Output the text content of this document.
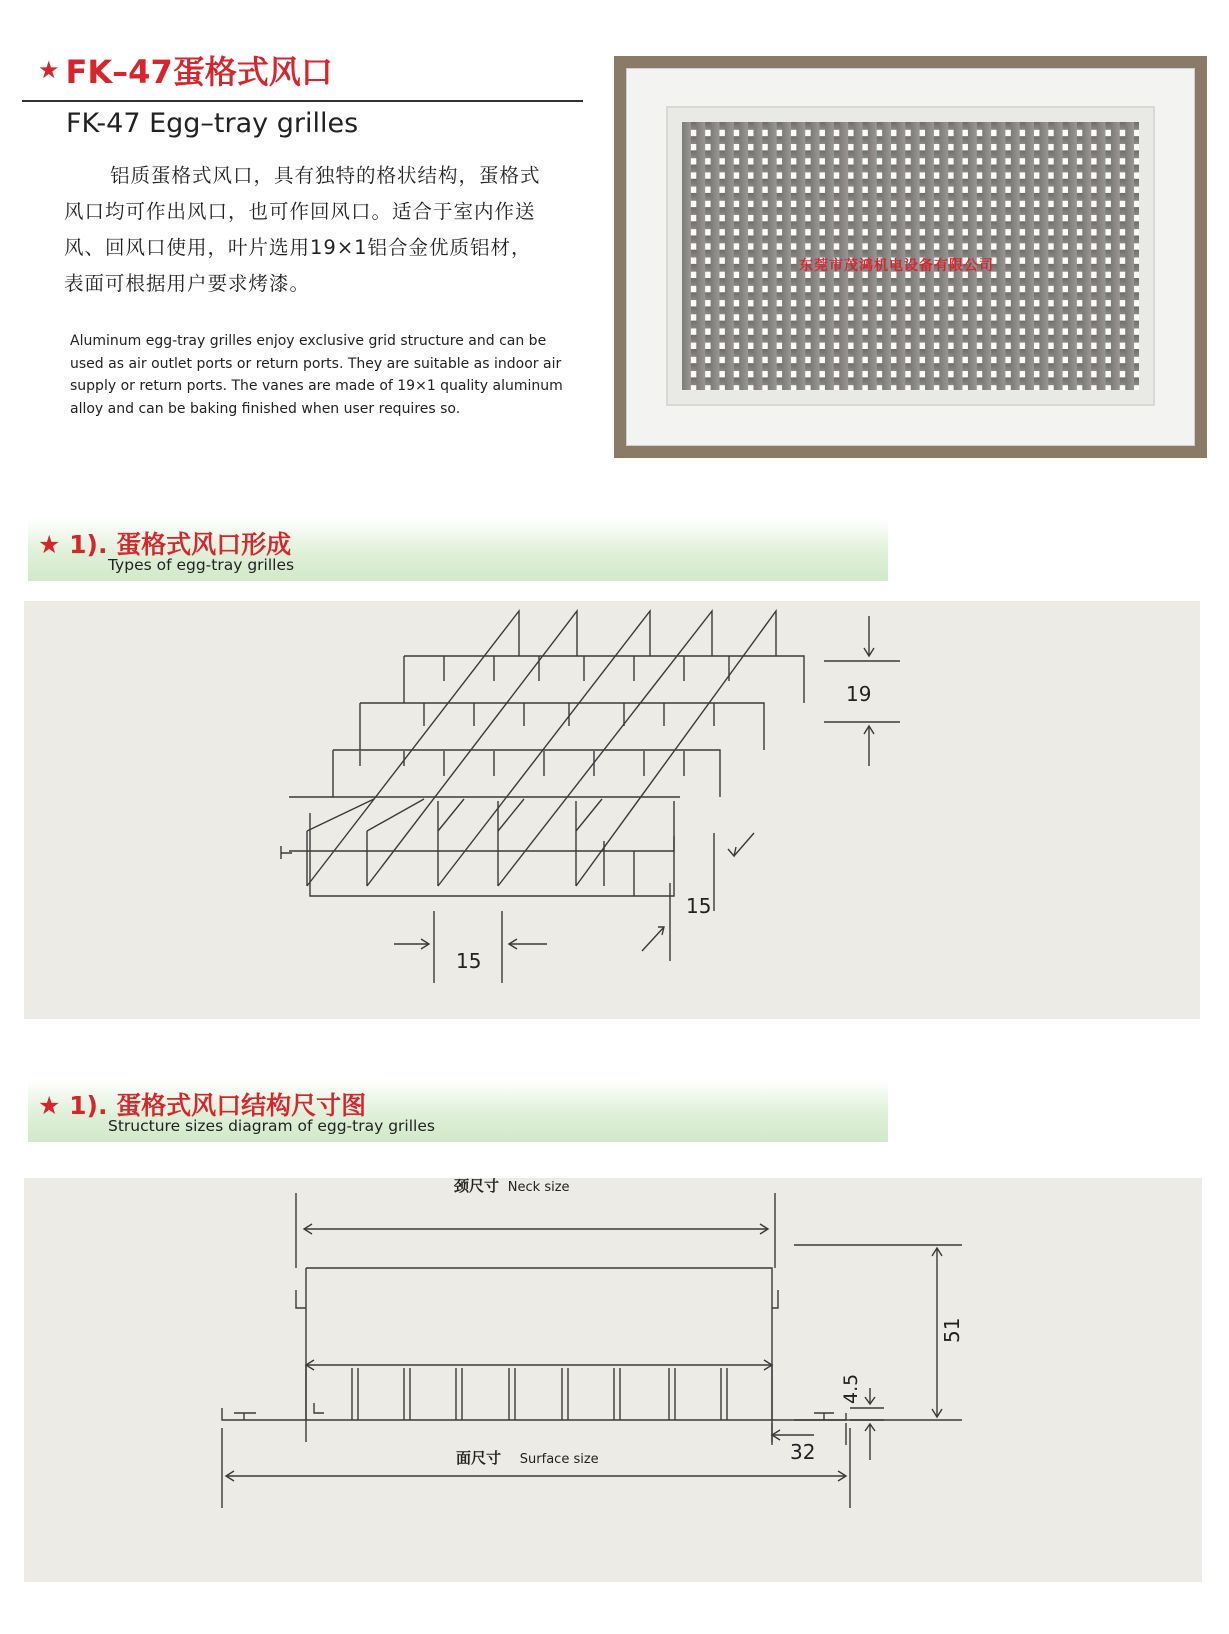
★ FK–47蛋格式风口
FK-47 Egg–tray grilles
铝质蛋格式风口，具有独特的格状结构，蛋格式风口均可作出风口，也可作回风口。适合于室内作送风、回风口使用，叶片选用19×1铝合金优质铝材，表面可根据用户要求烤漆。
Aluminum egg-tray grilles enjoy exclusive grid structure and can be used as air outlet ports or return ports. They are suitable as indoor air supply or return ports. The vanes are made of 19×1 quality aluminum alloy and can be baking finished when user requires so.
东莞市茂鸿机电设备有限公司
★ 1). 蛋格式风口形成
Types of egg-tray grilles
19
15
15
★ 1). 蛋格式风口结构尺寸图
Structure sizes diagram of egg-tray grilles
颈尺寸 Neck size
面尺寸 Surface size
51
4.5
32
